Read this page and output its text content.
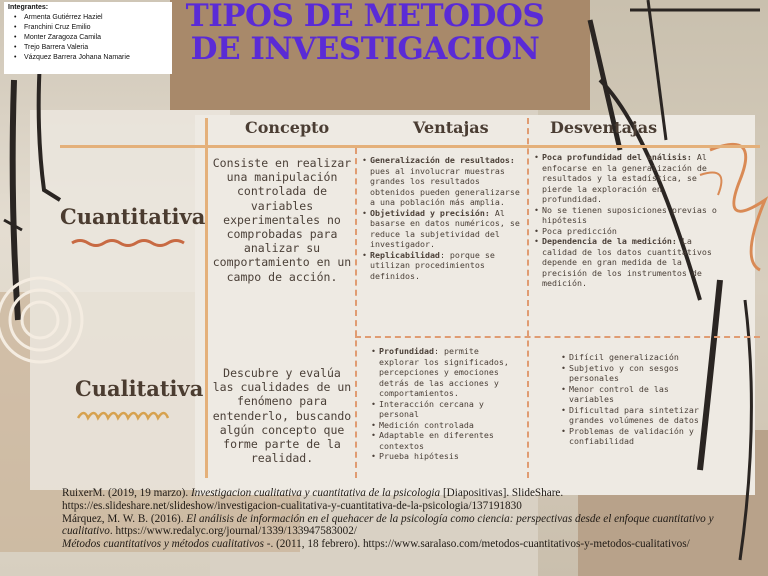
Integrantes:
• Armenta Gutiérrez Haziel
• Franchini Cruz Emilio
• Monter Zaragoza Camila
• Trejo Barrera Valeria
• Vázquez Barrera Johana Namarie
TIPOS DE METODOS
DE INVESTIGACION
Concepto	Ventajas	Desventajas
Cuantitativa
Consiste en realizar una manipulación controlada de variables experimentales no comprobadas para analizar su comportamiento en un campo de acción.
• Generalización de resultados: pues al involucrar muestras grandes los resultados obtenidos pueden generalizarse a una población más amplia.
• Objetividad y precisión: Al basarse en datos numéricos, se reduce la subjetividad del investigador.
• Replicabilidad: porque se utilizan procedimientos definidos.
• Poca profundidad del análisis: Al enfocarse en la generalización de resultados y la estadística, se pierde la exploración en profundidad.
• No se tienen suposiciones previas o hipótesis
• Poca predicción
• Dependencia de la medición: La calidad de los datos cuantitativos depende en gran medida de la precisión de los instrumentos de medición.
Cualitativa
Descubre y evalúa las cualidades de un fenómeno para entenderlo, buscando algún concepto que forme parte de la realidad.
• Profundidad: permite explorar los significados, percepciones y emociones detrás de las acciones y comportamientos.
• Interacción cercana y personal
• Medición controlada
• Adaptable en diferentes contextos
• Prueba hipótesis
• Difícil generalización
• Subjetivo y con sesgos personales
• Menor control de las variables
• Dificultad para sintetizar grandes volúmenes de datos
• Problemas de validación y confiabilidad

RuixerM. (2019, 19 marzo). Investigacion cualitativa y cuantitativa de la psicologia [Diapositivas]. SlideShare. https://es.slideshare.net/slideshow/investigacion-cualitativa-y-cuantitativa-de-la-psicologia/137191830

Márquez, M. W. B. (2016). El análisis de información en el quehacer de la psicología como ciencia: perspectivas desde el enfoque cuantitativo y cualitativo. https://www.redalyc.org/journal/1339/133947583002/

Métodos cuantitativos y métodos cualitativos -. (2011, 18 febrero). https://www.saralaso.com/metodos-cuantitativos-y-metodos-cualitativos/
